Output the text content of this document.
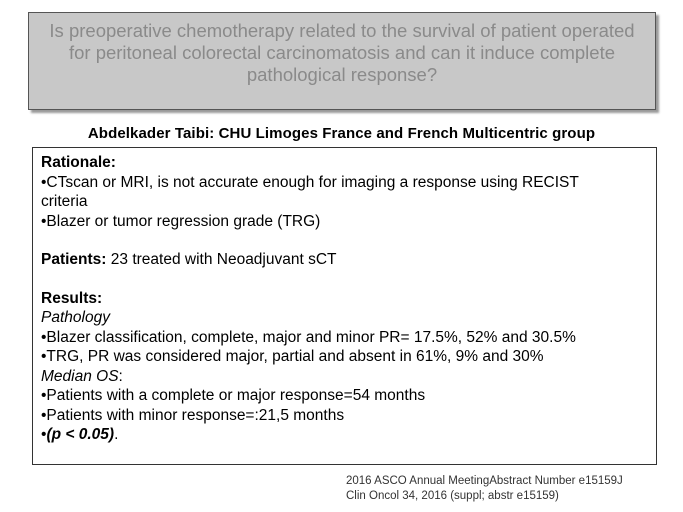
Is preoperative chemotherapy related to the survival of patient operated
for peritoneal colorectal carcinomatosis and can it induce complete
pathological response?
Abdelkader Taibi: CHU Limoges France and French Multicentric group

Rationale:

•CTscan or MRI, is not accurate enough for imaging a response using RECIST

criteria

•Blazer or tumor regression grade (TRG)

Patients: 23 treated with Neoadjuvant sCT

Results:

Pathology

•Blazer classification, complete, major and minor PR= 17.5%, 52% and 30.5%

•TRG, PR was considered major, partial and absent in 61%, 9% and 30%

Median OS:

•Patients with a complete or major response=54 months

•Patients with minor response=:21,5 months

•(p < 0.05).

2016 ASCO Annual MeetingAbstract Number e15159J
Clin Oncol 34, 2016 (suppl; abstr e15159)
